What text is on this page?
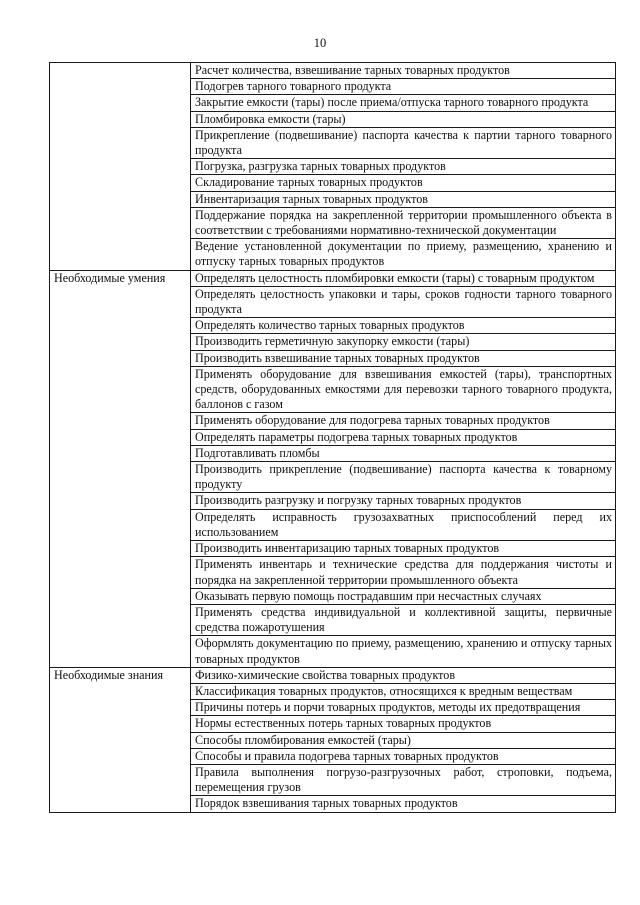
10
	Расчет количества, взвешивание тарных товарных продуктов
	Подогрев тарного товарного продукта
	Закрытие емкости (тары) после приема/отпуска тарного товарного продукта
	Пломбировка емкости (тары)
	Прикрепление (подвешивание) паспорта качества к партии тарного товарного продукта
	Погрузка, разгрузка тарных товарных продуктов
	Складирование тарных товарных продуктов
	Инвентаризация тарных товарных продуктов
	Поддержание порядка на закрепленной территории промышленного объекта в соответствии с требованиями нормативно-технической документации
	Ведение установленной документации по приему, размещению, хранению и отпуску тарных товарных продуктов
Необходимые умения	Определять целостность пломбировки емкости (тары) с товарным продуктом
	Определять целостность упаковки и тары, сроков годности тарного товарного продукта
	Определять количество тарных товарных продуктов
	Производить герметичную закупорку емкости (тары)
	Производить взвешивание тарных товарных продуктов
	Применять оборудование для взвешивания емкостей (тары), транспортных средств, оборудованных емкостями для перевозки тарного товарного продукта, баллонов с газом
	Применять оборудование для подогрева тарных товарных продуктов
	Определять параметры подогрева тарных товарных продуктов
	Подготавливать пломбы
	Производить прикрепление (подвешивание) паспорта качества к товарному продукту
	Производить разгрузку и погрузку тарных товарных продуктов
	Определять исправность грузозахватных приспособлений перед их использованием
	Производить инвентаризацию тарных товарных продуктов
	Применять инвентарь и технические средства для поддержания чистоты и порядка на закрепленной территории промышленного объекта
	Оказывать первую помощь пострадавшим при несчастных случаях
	Применять средства индивидуальной и коллективной защиты, первичные средства пожаротушения
	Оформлять документацию по приему, размещению, хранению и отпуску тарных товарных продуктов
Необходимые знания	Физико-химические свойства товарных продуктов
	Классификация товарных продуктов, относящихся к вредным веществам
	Причины потерь и порчи товарных продуктов, методы их предотвращения
	Нормы естественных потерь тарных товарных продуктов
	Способы пломбирования емкостей (тары)
	Способы и правила подогрева тарных товарных продуктов
	Правила выполнения погрузо-разгрузочных работ, строповки, подъема, перемещения грузов
	Порядок взвешивания тарных товарных продуктов
